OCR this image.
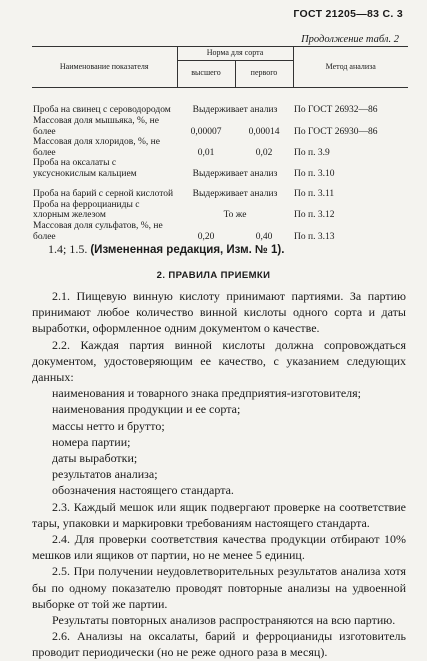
ГОСТ 21205—83 С. 3
Продолжение табл. 2
Наименование показателя	Норма для сорта		Метод анализа
	высшего	первого	

Проба на свинец с сероводородом	Выдерживает анализ		По ГОСТ 26932—86
Массовая доля мышьяка, %, не более	0,00007	0,00014	По ГОСТ 26930—86
Массовая доля хлоридов, %, не более	0,01	0,02	По п. 3.9
Проба на оксалаты с уксуснокислым кальцием	Выдерживает анализ		По п. 3.10
Проба на барий с серной кислотой	Выдерживает анализ		По п. 3.11
Проба на ферроцианиды с хлорным железом	То же		По п. 3.12
Массовая доля сульфатов, %, не более	0,20	0,40	По п. 3.13
1.4; 1.5. (Измененная редакция, Изм. № 1).
2. ПРАВИЛА ПРИЕМКИ

2.1. Пищевую винную кислоту принимают партиями. За партию принимают любое количество винной кислоты одного сорта и даты выработки, оформленное одним документом о качестве.

2.2. Каждая партия винной кислоты должна сопровождаться документом, удостоверяющим ее качество, с указанием следующих данных:

наименования и товарного знака предприятия-изготовителя;

наименования продукции и ее сорта;

массы нетто и брутто;

номера партии;

даты выработки;

результатов анализа;

обозначения настоящего стандарта.

2.3. Каждый мешок или ящик подвергают проверке на соответствие тары, упаковки и маркировки требованиям настоящего стандарта.

2.4. Для проверки соответствия качества продукции отбирают 10% мешков или ящиков от партии, но не менее 5 единиц.

2.5. При получении неудовлетворительных результатов анализа хотя бы по одному показателю проводят повторные анализы на удвоенной выборке от той же партии.

Результаты повторных анализов распространяются на всю партию.

2.6. Анализы на оксалаты, барий и ферроцианиды изготовитель проводит периодически (но не реже одного раза в месяц).
